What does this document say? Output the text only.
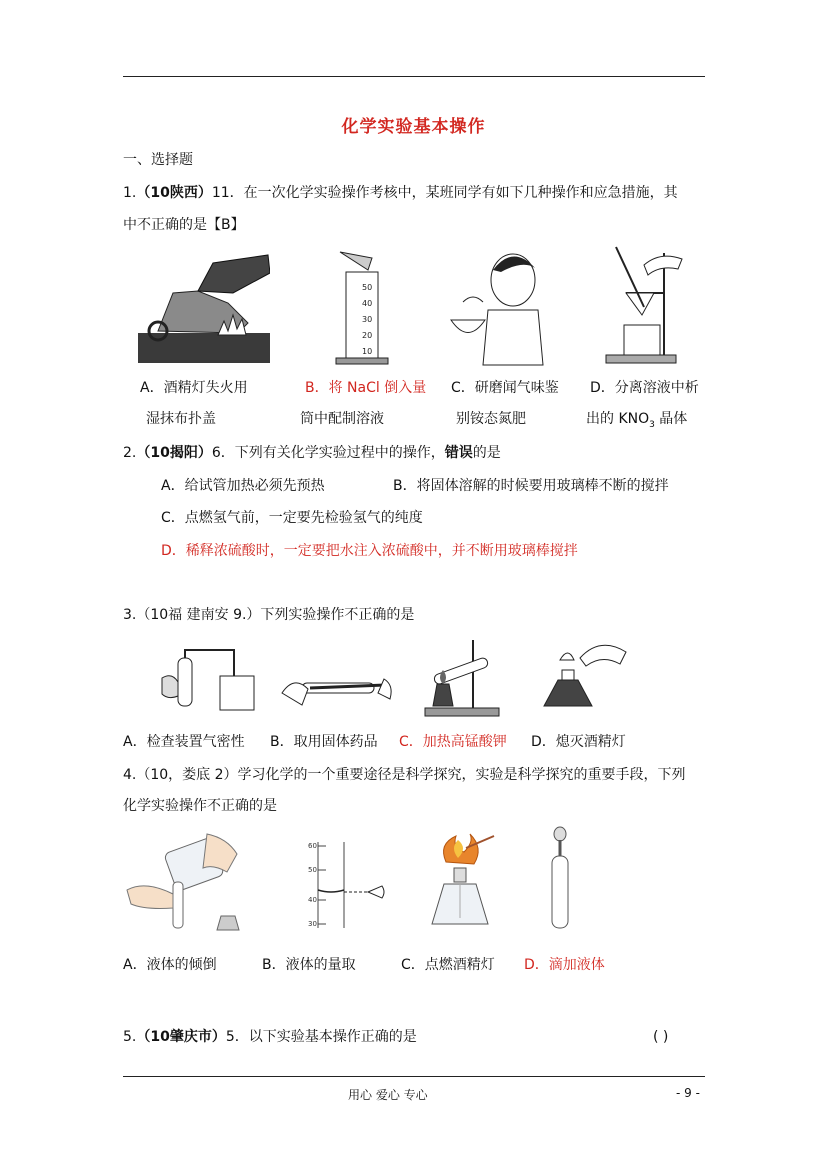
化学实验基本操作
一、选择题
1.（10陕西）11．在一次化学实验操作考核中，某班同学有如下几种操作和应急措施，其
中不正确的是【B】
50
40
30
20
10
A．酒精灯失火用
湿抹布扑盖
B．将 NaCl 倒入量
筒中配制溶液
C．研磨闻气味鉴
别铵态氮肥
D．分离溶液中析
出的 $KNO_3$ 晶体
2.（10揭阳）6．下列有关化学实验过程中的操作，错误的是
A．给试管加热必须先预热	B．将固体溶解的时候要用玻璃棒不断的搅拌
C．点燃氢气前，一定要先检验氢气的纯度
D．稀释浓硫酸时，一定要把水注入浓硫酸中，并不断用玻璃棒搅拌
3.（10福 建南安 9.）下列实验操作不正确的是
A．检查装置气密性 B．取用固体药品 C．加热高锰酸钾 D．熄灭酒精灯
4.（10，娄底 2）学习化学的一个重要途径是科学探究，实验是科学探究的重要手段，下列
化学实验操作不正确的是
60
50
40
30
A．液体的倾倒	B．液体的量取	C．点燃酒精灯 D．滴加液体
5.（10肇庆市）5．以下实验基本操作正确的是	( )
用心 爱心 专心	- 9 -
